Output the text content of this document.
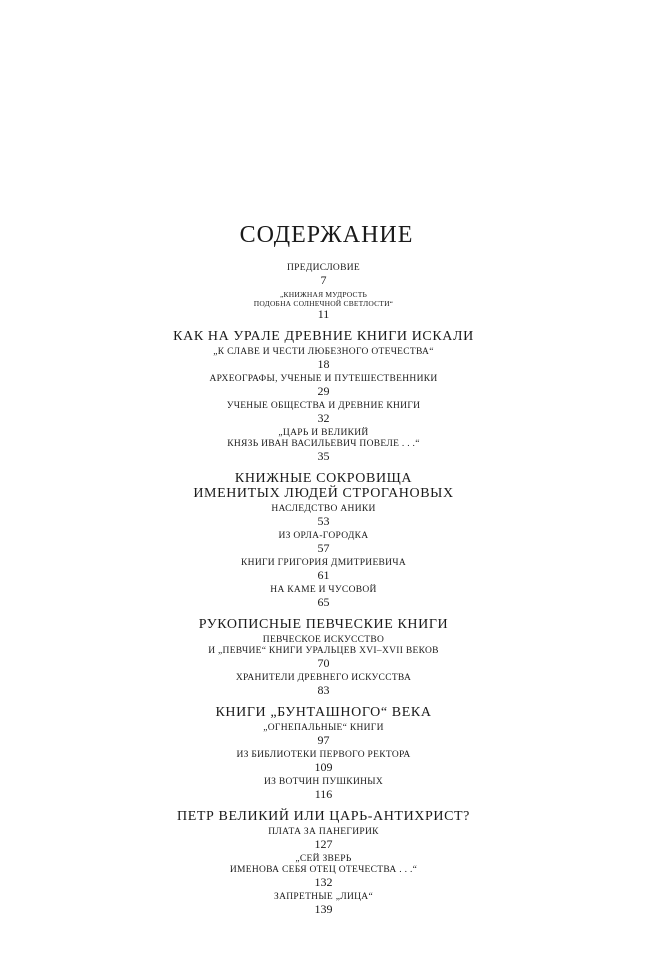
СОДЕРЖАНИЕ
ПРЕДИСЛОВИЕ
7
„КНИЖНАЯ МУДРОСТЬ
ПОДОБНА СОЛНЕЧНОЙ СВЕТЛОСТИ“
11
КАК НА УРАЛЕ ДРЕВНИЕ КНИГИ ИСКАЛИ
„К СЛАВЕ И ЧЕСТИ ЛЮБЕЗНОГО ОТЕЧЕСТВА“
18
АРХЕОГРАФЫ, УЧЕНЫЕ И ПУТЕШЕСТВЕННИКИ
29
УЧЕНЫЕ ОБЩЕСТВА И ДРЕВНИЕ КНИГИ
32
„ЦАРЬ И ВЕЛИКИЙ
КНЯЗЬ ИВАН ВАСИЛЬЕВИЧ ПОВЕЛЕ . . .“
35
КНИЖНЫЕ СОКРОВИЩА
ИМЕНИТЫХ ЛЮДЕЙ СТРОГАНОВЫХ
НАСЛЕДСТВО АНИКИ
53
ИЗ ОРЛА-ГОРОДКА
57
КНИГИ ГРИГОРИЯ ДМИТРИЕВИЧА
61
НА КАМЕ И ЧУСОВОЙ
65
РУКОПИСНЫЕ ПЕВЧЕСКИЕ КНИГИ
ПЕВЧЕСКОЕ ИСКУССТВО
И „ПЕВЧИЕ“ КНИГИ УРАЛЬЦЕВ XVI–XVII ВЕКОВ
70
ХРАНИТЕЛИ ДРЕВНЕГО ИСКУССТВА
83
КНИГИ „БУНТАШНОГО“ ВЕКА
„ОГНЕПАЛЬНЫЕ“ КНИГИ
97
ИЗ БИБЛИОТЕКИ ПЕРВОГО РЕКТОРА
109
ИЗ ВОТЧИН ПУШКИНЫХ
116
ПЕТР ВЕЛИКИЙ ИЛИ ЦАРЬ-АНТИХРИСТ?
ПЛАТА ЗА ПАНЕГИРИК
127
„СЕЙ ЗВЕРЬ
ИМЕНОВА СЕБЯ ОТЕЦ ОТЕЧЕСТВА . . .“
132
ЗАПРЕТНЫЕ „ЛИЦА“
139
